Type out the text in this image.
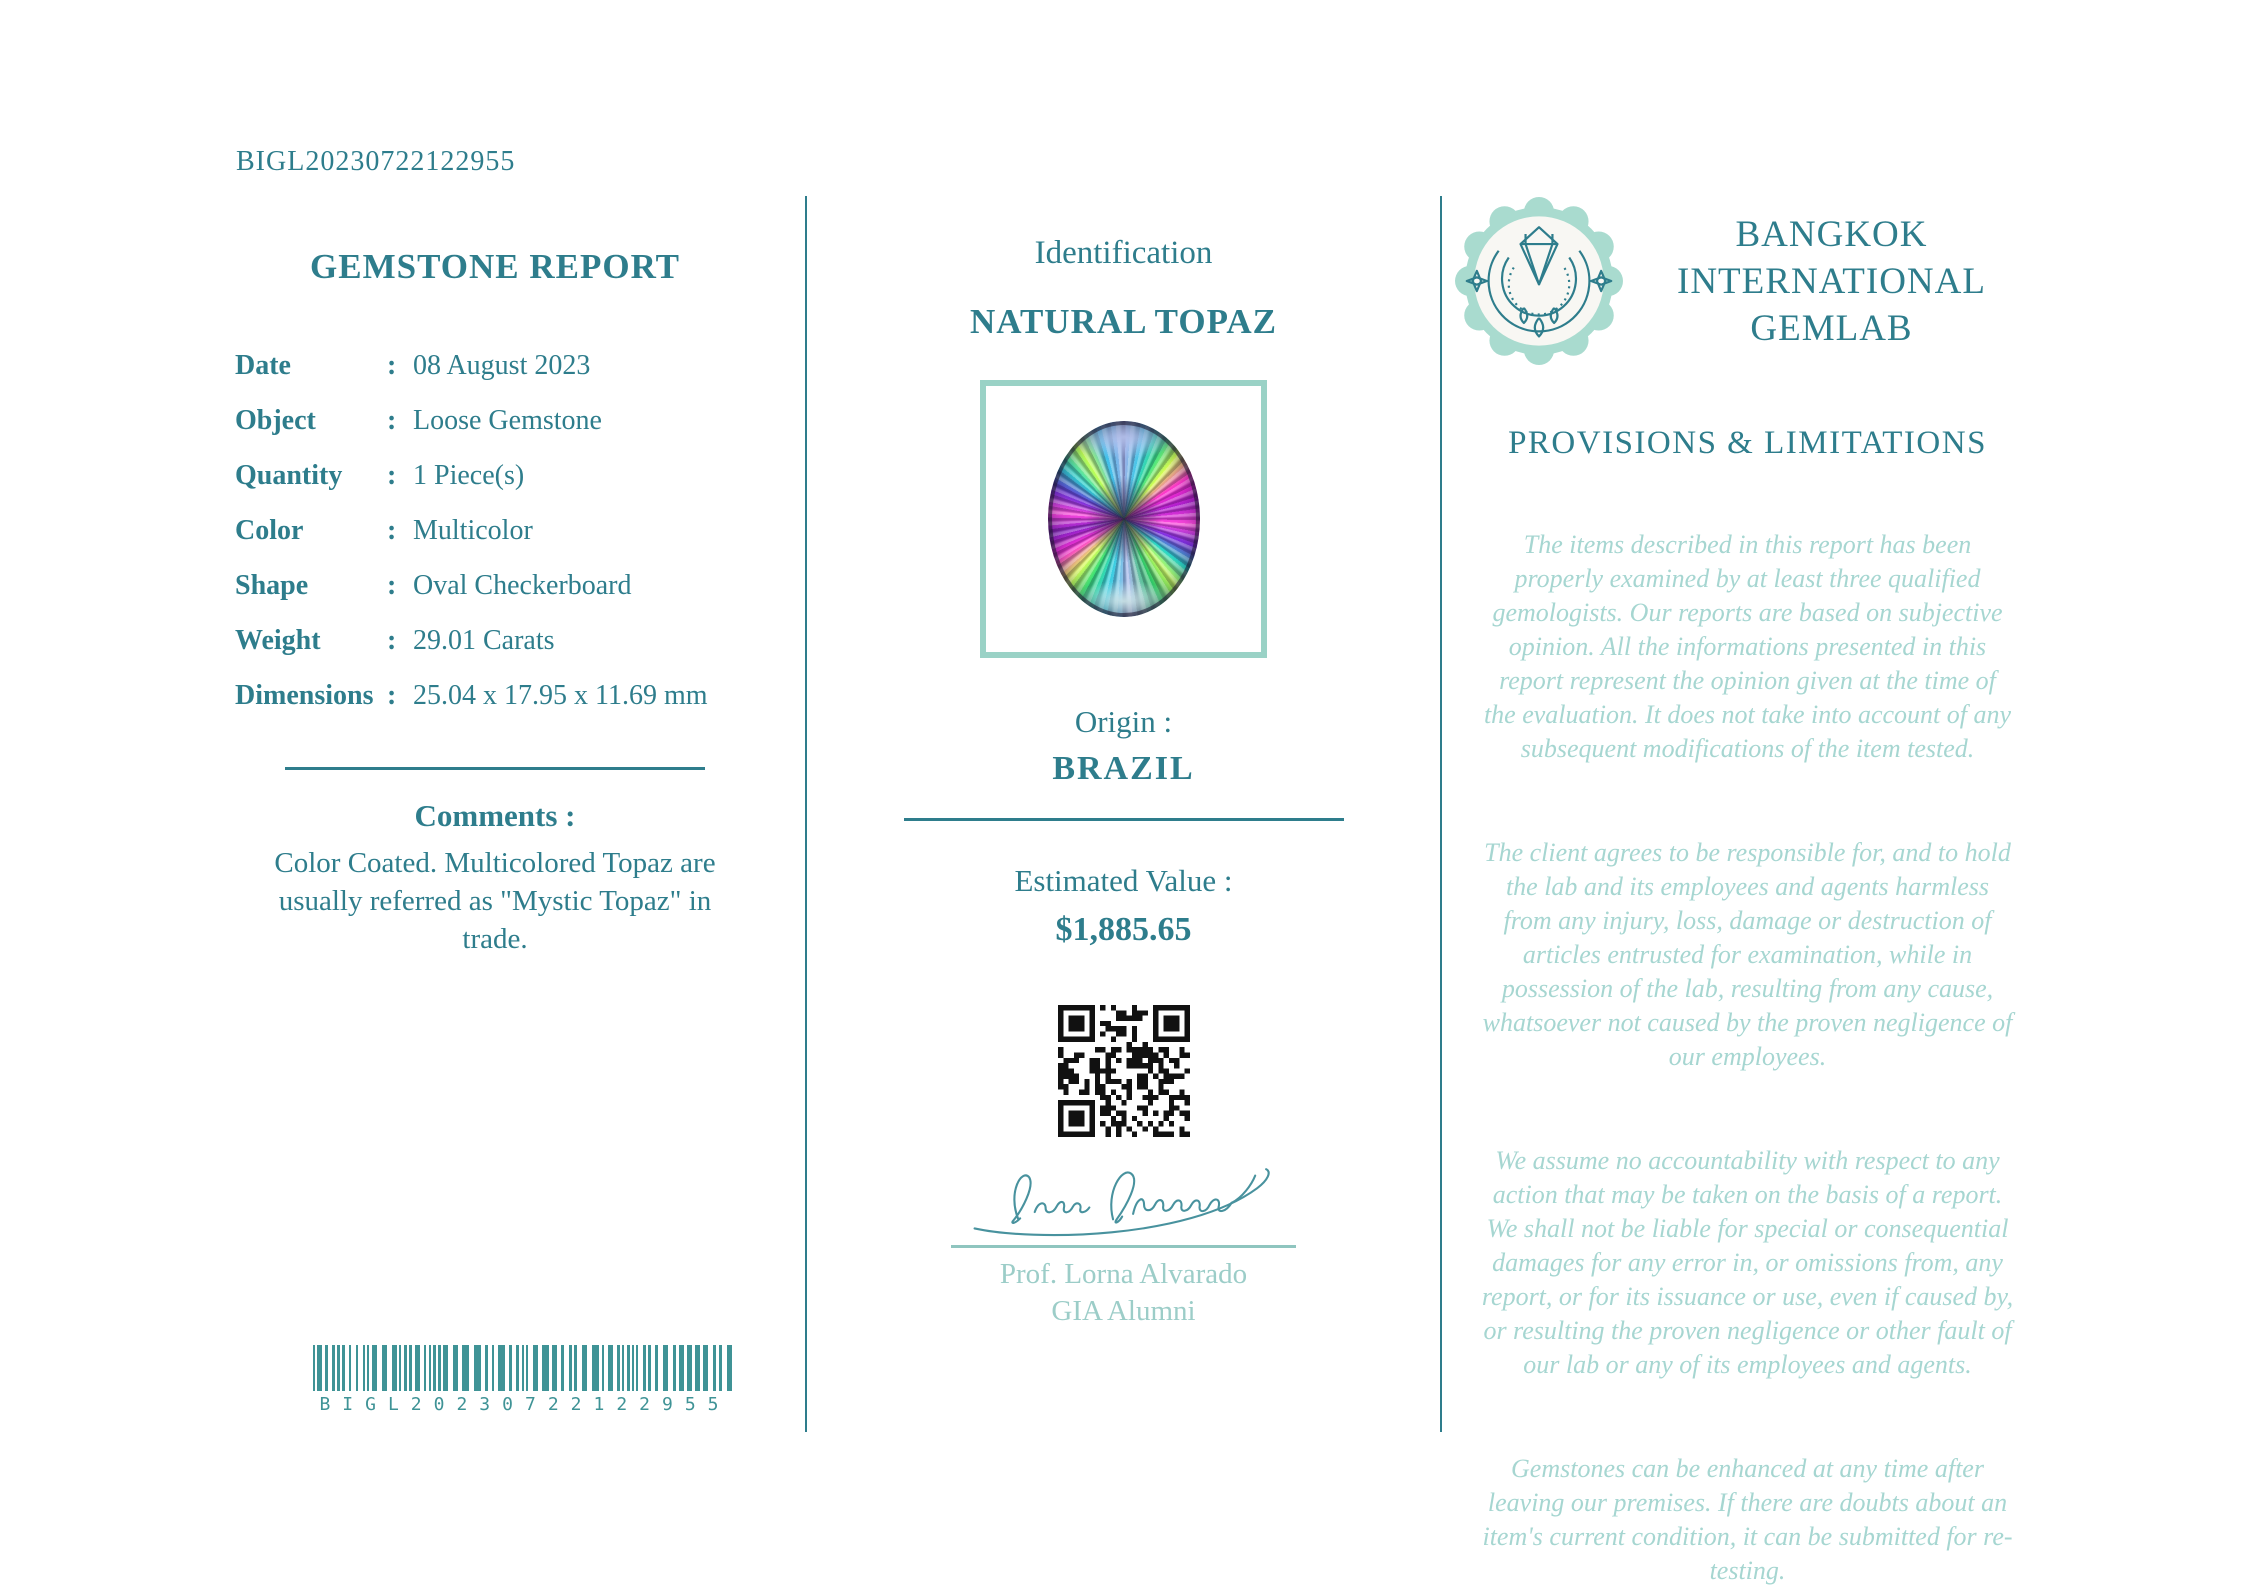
BIGL20230722122955
GEMSTONE REPORT
Date	: 08 August 2023
Object	: Loose Gemstone
Quantity	: 1 Piece(s)
Color	: Multicolor
Shape	: Oval Checkerboard
Weight	: 29.01 Carats
Dimensions : 25.04 x 17.95 x 11.69 mm
Comments :
Color Coated. Multicolored Topaz are usually referred as "Mystic Topaz" in trade.
BIGL20230722122955
Identification
NATURAL TOPAZ
Origin :
BRAZIL
Estimated Value :
$1,885.65
Prof. Lorna Alvarado
GIA Alumni
BANGKOK
INTERNATIONAL
GEMLAB
PROVISIONS & LIMITATIONS

The items described in this report has been properly examined by at least three qualified gemologists. Our reports are based on subjective opinion. All the informations presented in this report represent the opinion given at the time of the evaluation. It does not take into account of any subsequent modifications of the item tested.

The client agrees to be responsible for, and to hold the lab and its employees and agents harmless from any injury, loss, damage or destruction of articles entrusted for examination, while in possession of the lab, resulting from any cause, whatsoever not caused by the proven negligence of our employees.

We assume no accountability with respect to any action that may be taken on the basis of a report. We shall not be liable for special or consequential damages for any error in, or omissions from, any report, or for its issuance or use, even if caused by, or resulting the proven negligence or other fault of our lab or any of its employees and agents.

Gemstones can be enhanced at any time after leaving our premises. If there are doubts about an item's current condition, it can be submitted for re-testing.
